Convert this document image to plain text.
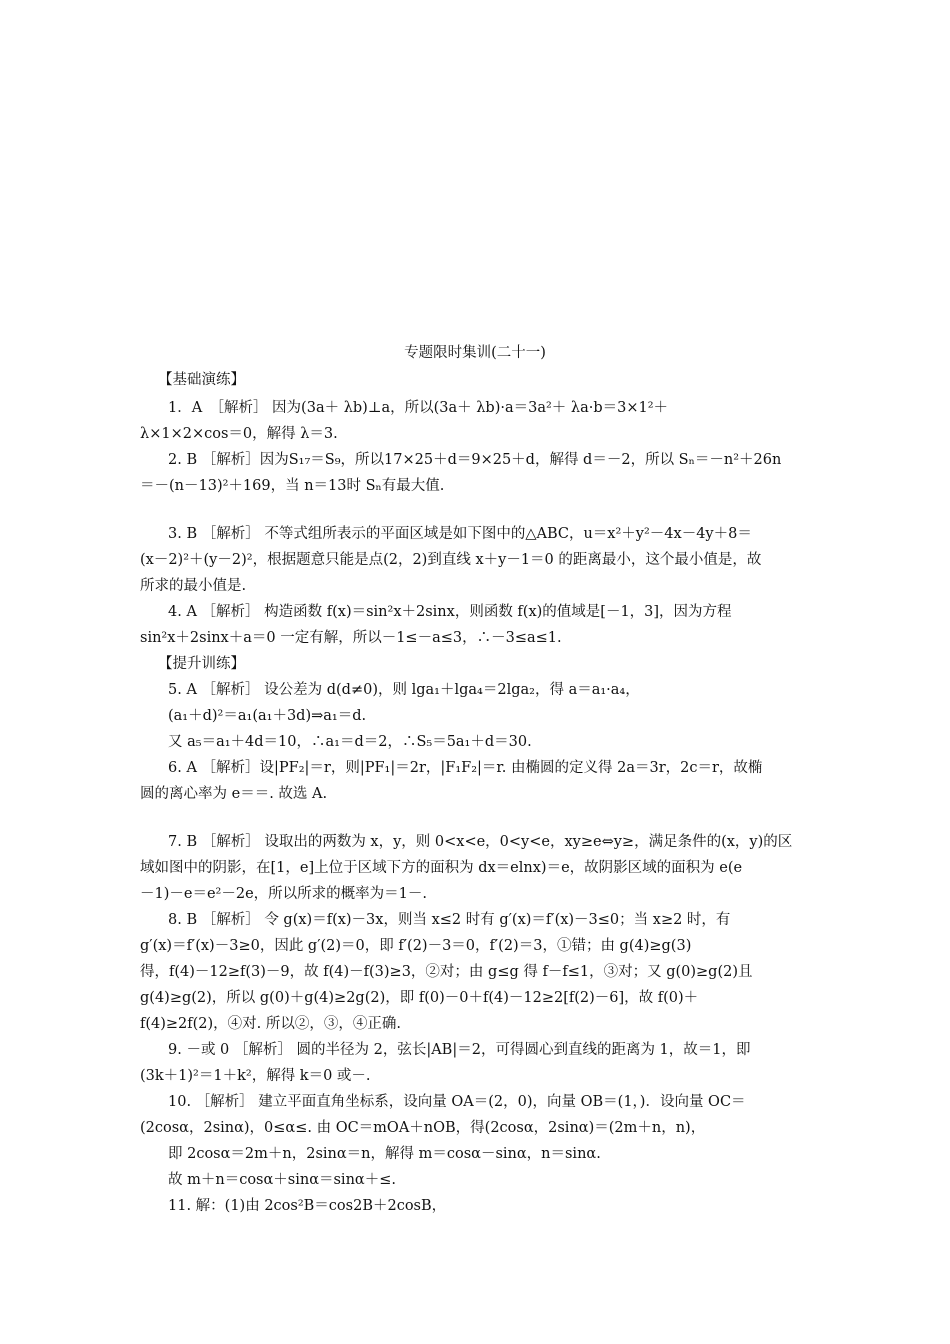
专题限时集训(二十一)
【基础演练】
1．A　［解析］ 因为(3a＋ λb)⊥a，所以(3a＋ λb)·a＝3a²＋ λa·b＝3×1²＋
λ×1×2×cos＝0，解得 λ＝3.
2. B ［解析］因为S₁₇＝S₉，所以17×25＋d＝9×25＋d，解得 d＝－2，所以 Sₙ＝－n²＋26n
＝－(n－13)²＋169，当 n＝13时 Sₙ有最大值.
3. B ［解析］ 不等式组所表示的平面区域是如下图中的△ABC，u＝x²＋y²－4x－4y＋8＝
(x－2)²＋(y－2)²，根据题意只能是点(2，2)到直线 x＋y－1＝0 的距离最小，这个最小值是，故
所求的最小值是.
4. A ［解析］ 构造函数 f(x)＝sin²x＋2sinx，则函数 f(x)的值域是[－1，3]，因为方程
sin²x＋2sinx＋a＝0 一定有解，所以－1≤－a≤3，∴－3≤a≤1.
【提升训练】
5. A ［解析］ 设公差为 d(d≠0)，则 lga₁＋lga₄＝2lga₂，得 a＝a₁·a₄，
(a₁＋d)²＝a₁(a₁＋3d)⇒a₁＝d.
又 a₅＝a₁＋4d＝10，∴a₁＝d＝2，∴S₅＝5a₁＋d＝30.
6. A ［解析］设|PF₂|＝r，则|PF₁|＝2r，|F₁F₂|＝r. 由椭圆的定义得 2a＝3r，2c＝r，故椭
圆的离心率为 e＝＝. 故选 A.
7. B ［解析］ 设取出的两数为 x，y，则 0<x<e，0<y<e，xy≥e⇔y≥，满足条件的(x，y)的区
域如图中的阴影，在[1，e]上位于区域下方的面积为 dx＝elnx)＝e，故阴影区域的面积为 e(e
－1)－e＝e²－2e，所以所求的概率为＝1－.
8. B ［解析］ 令 g(x)＝f(x)－3x，则当 x≤2 时有 g′(x)＝f′(x)－3≤0；当 x≥2 时，有
g′(x)＝f′(x)－3≥0，因此 g′(2)＝0，即 f′(2)－3＝0，f′(2)＝3，①错；由 g(4)≥g(3)
得，f(4)－12≥f(3)－9，故 f(4)－f(3)≥3，②对；由 g≤g 得 f－f≤1，③对；又 g(0)≥g(2)且
g(4)≥g(2)，所以 g(0)＋g(4)≥2g(2)，即 f(0)－0＋f(4)－12≥2[f(2)－6]，故 f(0)＋
f(4)≥2f(2)，④对. 所以②，③，④正确.
9. －或 0 ［解析］ 圆的半径为 2，弦长|AB|＝2，可得圆心到直线的距离为 1，故＝1，即
(3k＋1)²＝1＋k²，解得 k＝0 或－.
10. ［解析］ 建立平面直角坐标系，设向量 OA＝(2，0)，向量 OB＝(1，)．设向量 OC＝
(2cosα，2sinα)，0≤α≤. 由 OC＝mOA＋nOB，得(2cosα，2sinα)＝(2m＋n，n)，
即 2cosα＝2m＋n，2sinα＝n，解得 m＝cosα－sinα，n＝sinα.
故 m＋n＝cosα＋sinα＝sinα＋≤.
11. 解：(1)由 2cos²B＝cos2B＋2cosB，
